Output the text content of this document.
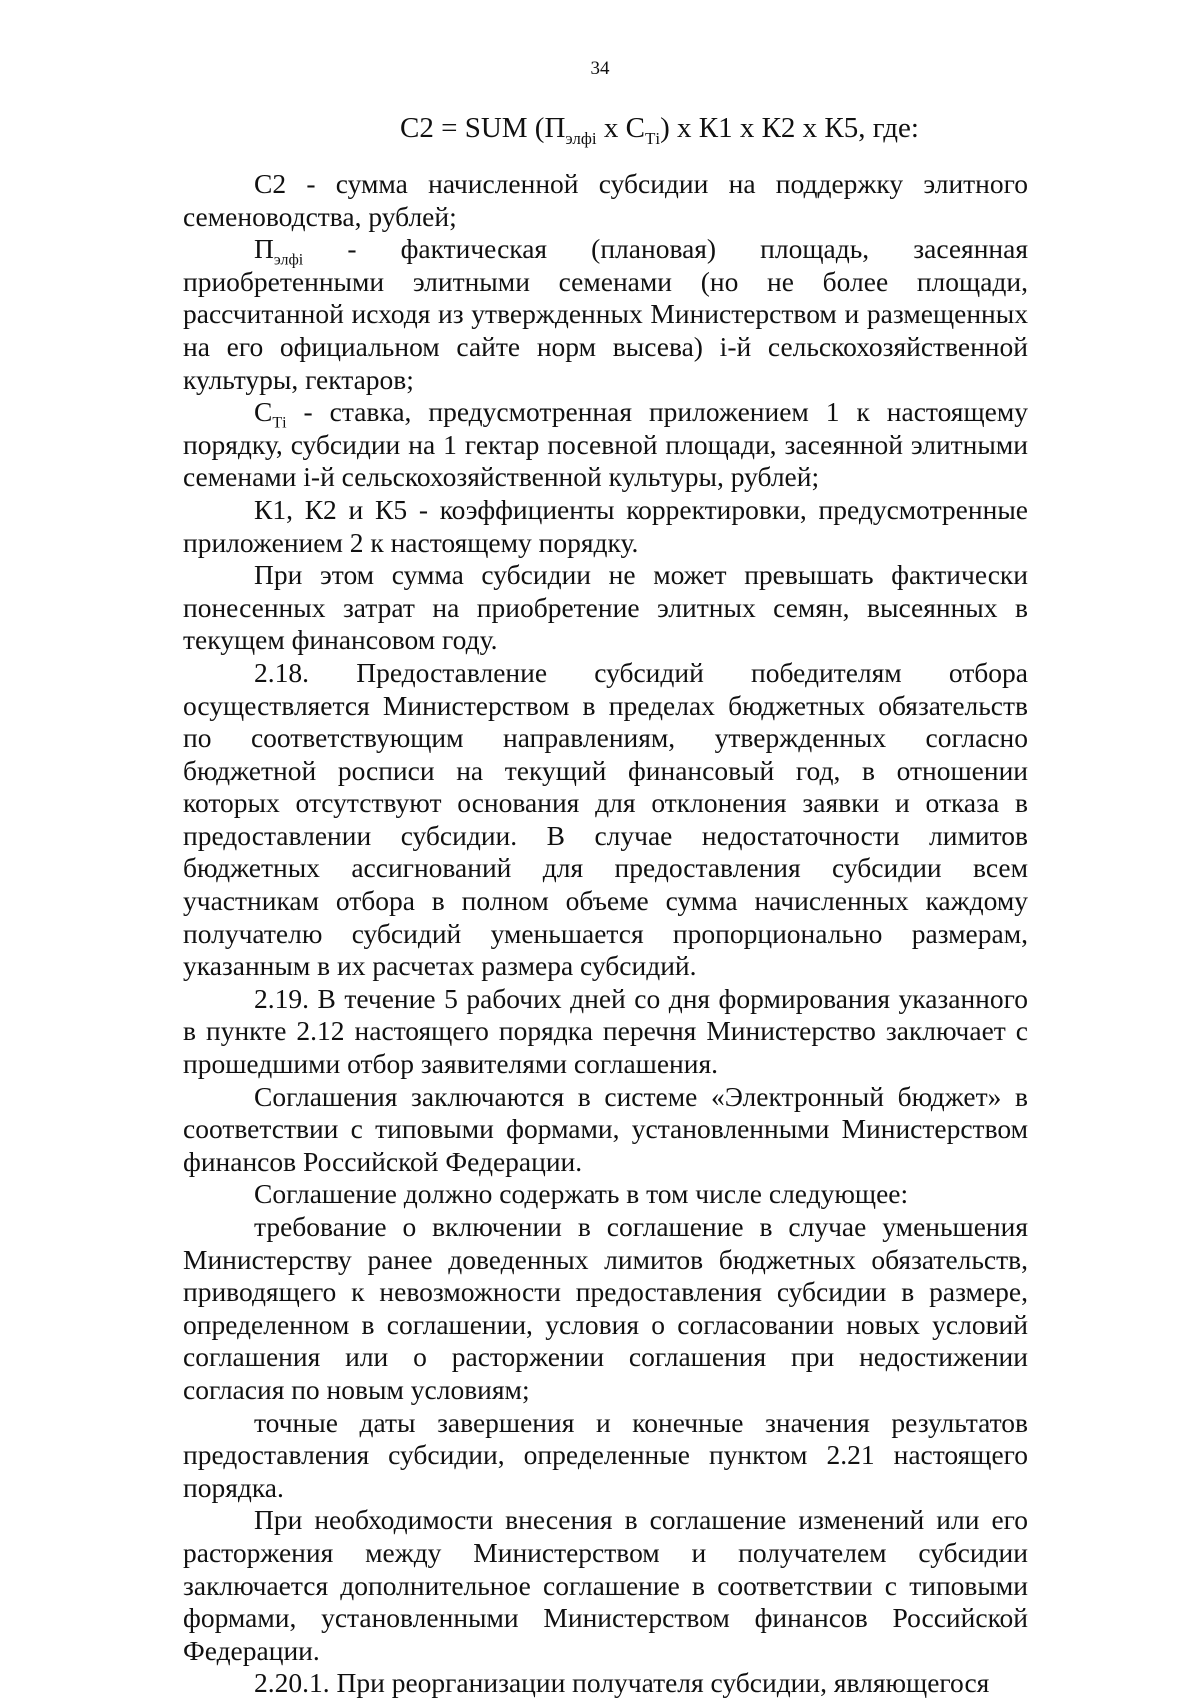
34
С2 = SUM ($П_{элфi}$ x $С_{Тi}$) x К1 x К2 x К5, где:

С2 - сумма начисленной субсидии на поддержку элитного семеноводства, рублей;

$П_{элфi}$ - фактическая (плановая) площадь, засеянная приобретенными элитными семенами (но не более площади, рассчитанной исходя из утвержденных Министерством и размещенных на его официальном сайте норм высева) i-й сельскохозяйственной культуры, гектаров;

$С_{Тi}$ - ставка, предусмотренная приложением 1 к настоящему порядку, субсидии на 1 гектар посевной площади, засеянной элитными семенами i-й сельскохозяйственной культуры, рублей;

К1, К2 и К5 - коэффициенты корректировки, предусмотренные приложением 2 к настоящему порядку.

При этом сумма субсидии не может превышать фактически понесенных затрат на приобретение элитных семян, высеянных в текущем финансовом году.

2.18. Предоставление субсидий победителям отбора осуществляется Министерством в пределах бюджетных обязательств по соответствующим направлениям, утвержденных согласно бюджетной росписи на текущий финансовый год, в отношении которых отсутствуют основания для отклонения заявки и отказа в предоставлении субсидии. В случае недостаточности лимитов бюджетных ассигнований для предоставления субсидии всем участникам отбора в полном объеме сумма начисленных каждому получателю субсидий уменьшается пропорционально размерам, указанным в их расчетах размера субсидий.

2.19. В течение 5 рабочих дней со дня формирования указанного в пункте 2.12 настоящего порядка перечня Министерство заключает с прошедшими отбор заявителями соглашения.

Соглашения заключаются в системе «Электронный бюджет» в соответствии с типовыми формами, установленными Министерством финансов Российской Федерации.

Соглашение должно содержать в том числе следующее:

требование о включении в соглашение в случае уменьшения Министерству ранее доведенных лимитов бюджетных обязательств, приводящего к невозможности предоставления субсидии в размере, определенном в соглашении, условия о согласовании новых условий соглашения или о расторжении соглашения при недостижении согласия по новым условиям;

точные даты завершения и конечные значения результатов предоставления субсидии, определенные пунктом 2.21 настоящего порядка.

При необходимости внесения в соглашение изменений или его расторжения между Министерством и получателем субсидии заключается дополнительное соглашение в соответствии с типовыми формами, установленными Министерством финансов Российской Федерации.

2.20.1. При реорганизации получателя субсидии, являющегося
